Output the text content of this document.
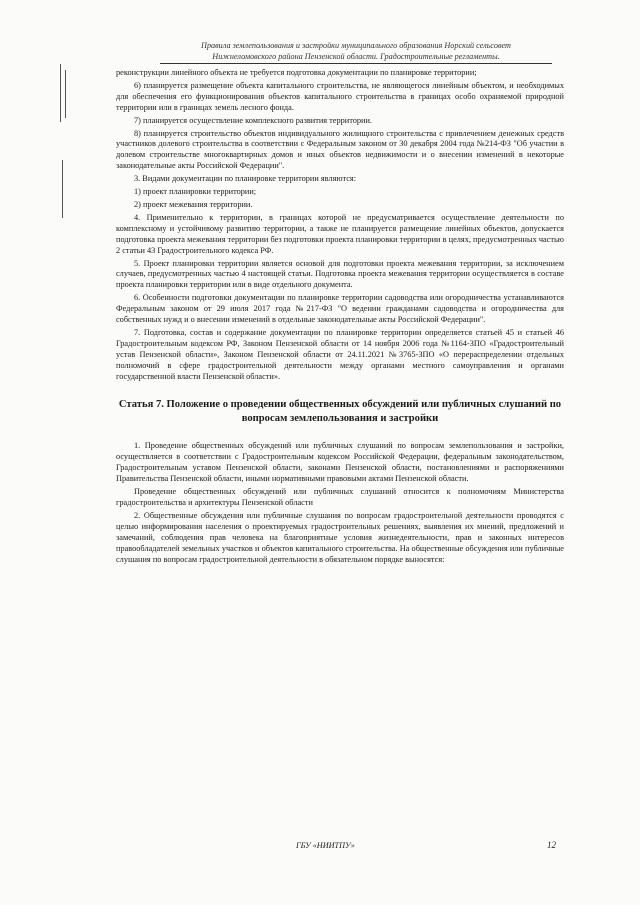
Правила землепользования и застройки муниципального образования Норский сельсовет
Нижнеломовского района Пензенской области. Градостроительные регламенты.

реконструкции линейного объекта не требуется подготовка документации по планировке территории;

6) планируется размещение объекта капитального строительства, не являющегося линейным объектом, и необходимых для обеспечения его функционирования объектов капитального строительства в границах особо охраняемой природной территории или в границах земель лесного фонда.

7) планируется осуществление комплексного развития территории.

8) планируется строительство объектов индивидуального жилищного строительства с привлечением денежных средств участников долевого строительства в соответствии с Федеральным законом от 30 декабря 2004 года №214-ФЗ "Об участии в долевом строительстве многоквартирных домов и иных объектов недвижимости и о внесении изменений в некоторые законодательные акты Российской Федерации".

3. Видами документации по планировке территории являются:

1) проект планировки территории;

2) проект межевания территории.

4. Применительно к территории, в границах которой не предусматривается осуществление деятельности по комплексному и устойчивому развитию территории, а также не планируется размещение линейных объектов, допускается подготовка проекта межевания территории без подготовки проекта планировки территории в целях, предусмотренных частью 2 статьи 43 Градостроительного кодекса РФ.

5. Проект планировки территории является основой для подготовки проекта межевания территории, за исключением случаев, предусмотренных частью 4 настоящей статьи. Подготовка проекта межевания территории осуществляется в составе проекта планировки территории или в виде отдельного документа.

6. Особенности подготовки документации по планировке территории садоводства или огородничества устанавливаются Федеральным законом от 29 июля 2017 года №217-ФЗ "О ведении гражданами садоводства и огородничества для собственных нужд и о внесении изменений в отдельные законодательные акты Российской Федерации".

7. Подготовка, состав и содержание документации по планировке территории определяется статьей 45 и статьей 46 Градостроительным кодексом РФ, Законом Пензенской области от 14 ноября 2006 года №1164-ЗПО «Градостроительный устав Пензенской области», Законом Пензенской области от 24.11.2021 №3765-ЗПО «О перераспределении отдельных полномочий в сфере градостроительной деятельности между органами местного самоуправления и органами государственной власти Пензенской области».

Статья 7. Положение о проведении общественных обсуждений или публичных слушаний по вопросам землепользования и застройки

1. Проведение общественных обсуждений или публичных слушаний по вопросам землепользования и застройки, осуществляется в соответствии с Градостроительным кодексом Российской Федерации, федеральным законодательством, Градостроительным уставом Пензенской области, законами Пензенской области, постановлениями и распоряжениями Правительства Пензенской области, иными нормативными правовыми актами Пензенской области.

Проведение общественных обсуждений или публичных слушаний относится к полномочиям Министерства градостроительства и архитектуры Пензенской области

2. Общественные обсуждения или публичные слушания по вопросам градостроительной деятельности проводятся с целью информирования населения о проектируемых градостроительных решениях, выявления их мнений, предложений и замечаний, соблюдения прав человека на благоприятные условия жизнедеятельности, прав и законных интересов правообладателей земельных участков и объектов капитального строительства. На общественные обсуждения или публичные слушания по вопросам градостроительной деятельности в обязательном порядке выносятся:

ГБУ «НИИТПУ»	12
